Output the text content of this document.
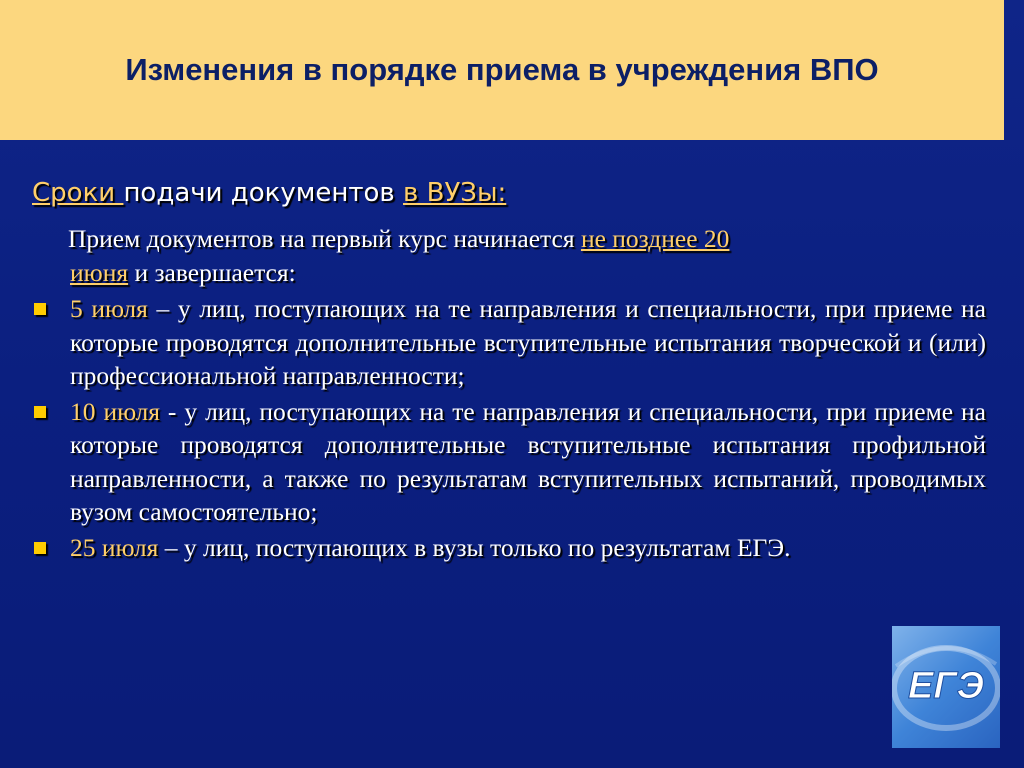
Изменения в порядке приема в учреждения ВПО
Сроки подачи документов в ВУЗы:

Прием документов на первый курс начинается не позднее 20
июня и завершается:

5 июля – у лиц, поступающих на те направления и специальности, при приеме на которые проводятся дополнительные вступительные испытания творческой и (или) профессиональной направленности;
10 июля - у лиц, поступающих на те направления и специальности, при приеме на которые проводятся дополнительные вступительные испытания профильной направленности, а также по результатам вступительных испытаний, проводимых вузом самостоятельно;
25 июля – у лиц, поступающих в вузы только по результатам ЕГЭ.
ЕГЭ
